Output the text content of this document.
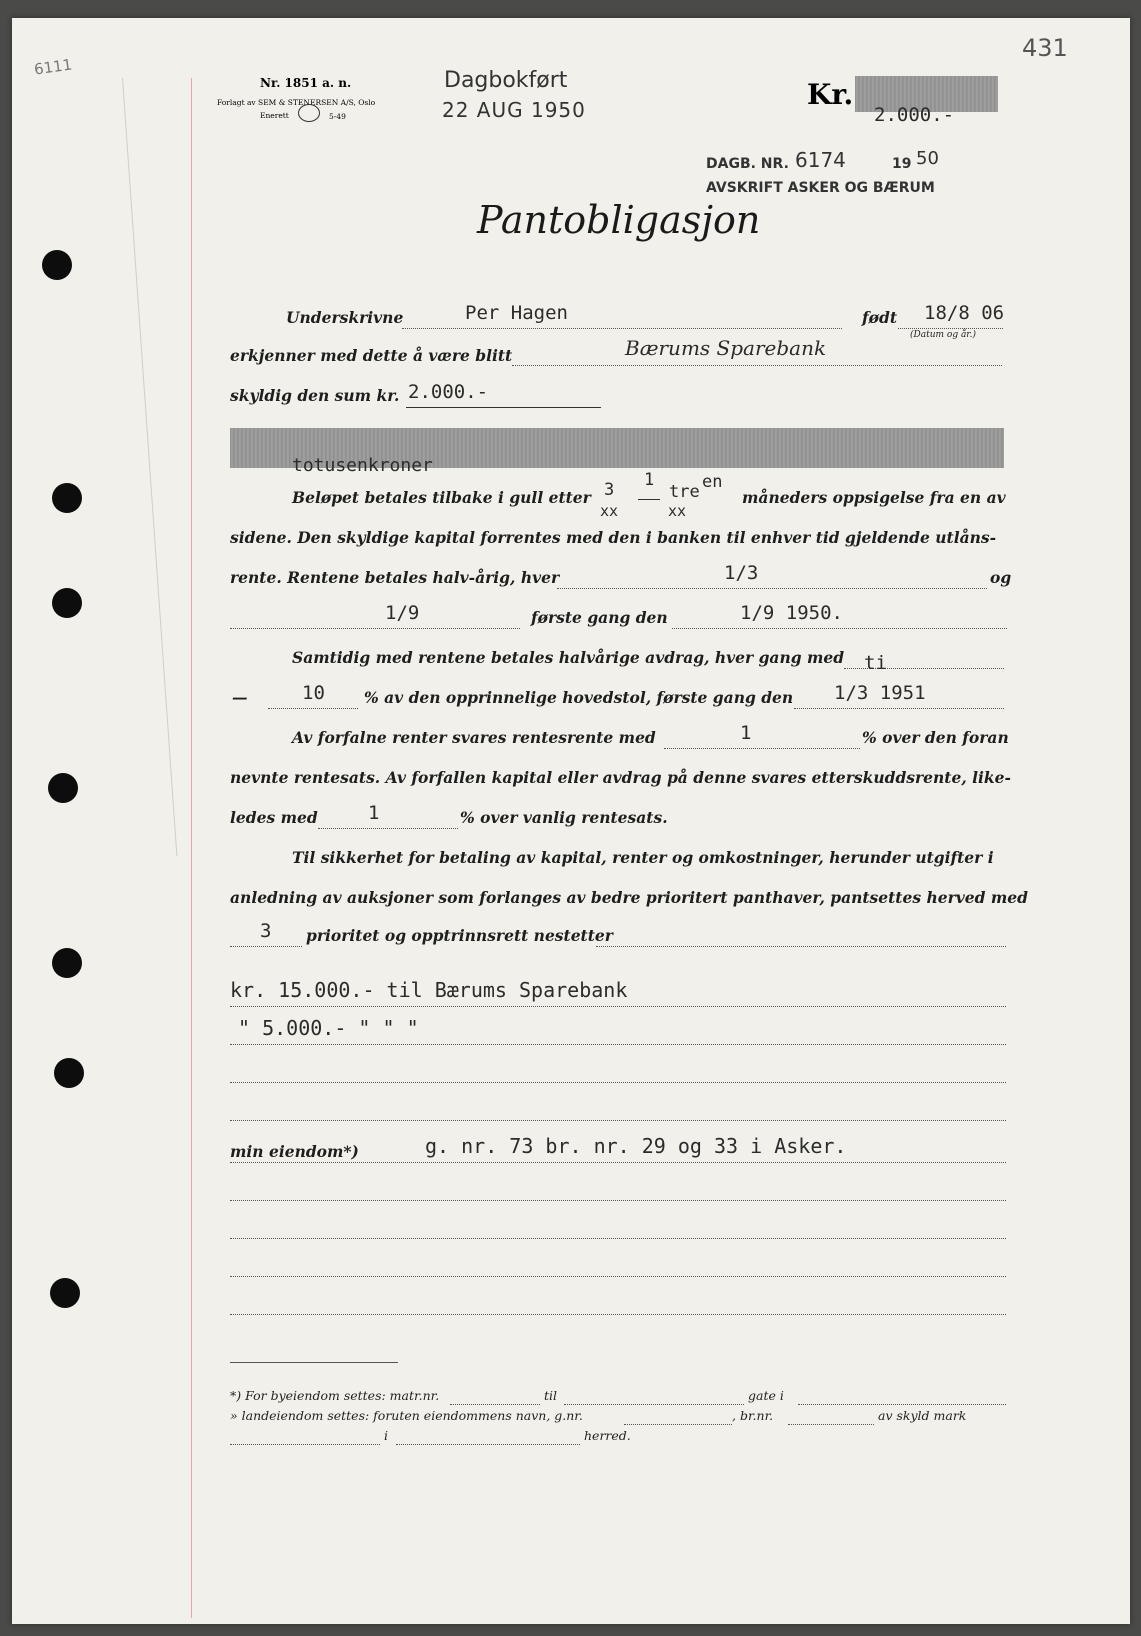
6111
Nr. 1851 a. n.
Forlagt av SEM & STENERSEN A/S, Oslo
Enerett	5-49
Dagbokført
22 AUG 1950
431
Kr.
2.000.-
DAGB. NR. 6174	19 50
AVSKRIFT ASKER OG BÆRUM
Pantobligasjon
Underskrivne	Per Hagen	født 18/8 06
(Datum og år.)
erkjenner med dette å være blitt	Bærums Sparebank
skyldig den sum kr. 2.000.-
totusenkroner
Beløpet betales tilbake i gull etter 3
xx
1
xx
tre en
måneders oppsigelse fra en av
sidene. Den skyldige kapital forrentes med den i banken til enhver tid gjeldende utlåns-
rente. Rentene betales halv-årig, hver	1/3	og
1/9	første gang den	1/9 1950.
Samtidig med rentene betales halvårige avdrag, hver gang med ti
—	10	% av den opprinnelige hovedstol, første gang den 1/3 1951
Av forfalne renter svares rentesrente med	1	% over den foran
nevnte rentesats. Av forfallen kapital eller avdrag på denne svares etterskuddsrente, like-
ledes med	1	% over vanlig rentesats.
Til sikkerhet for betaling av kapital, renter og omkostninger, herunder utgifter i
anledning av auksjoner som forlanges av bedre prioritert panthaver, pantsettes herved med
3 prioritet og opptrinnsrett nestetter
kr. 15.000.- til Bærums Sparebank
" 5.000.- " " "
min eiendom*)	g. nr. 73 br. nr. 29 og 33 i Asker.
*) For byeiendom settes: matr.nr.	til	gate i
» landeiendom settes: foruten eiendommens navn, g.nr.	, br.nr.	av skyld mark
i	herred.
